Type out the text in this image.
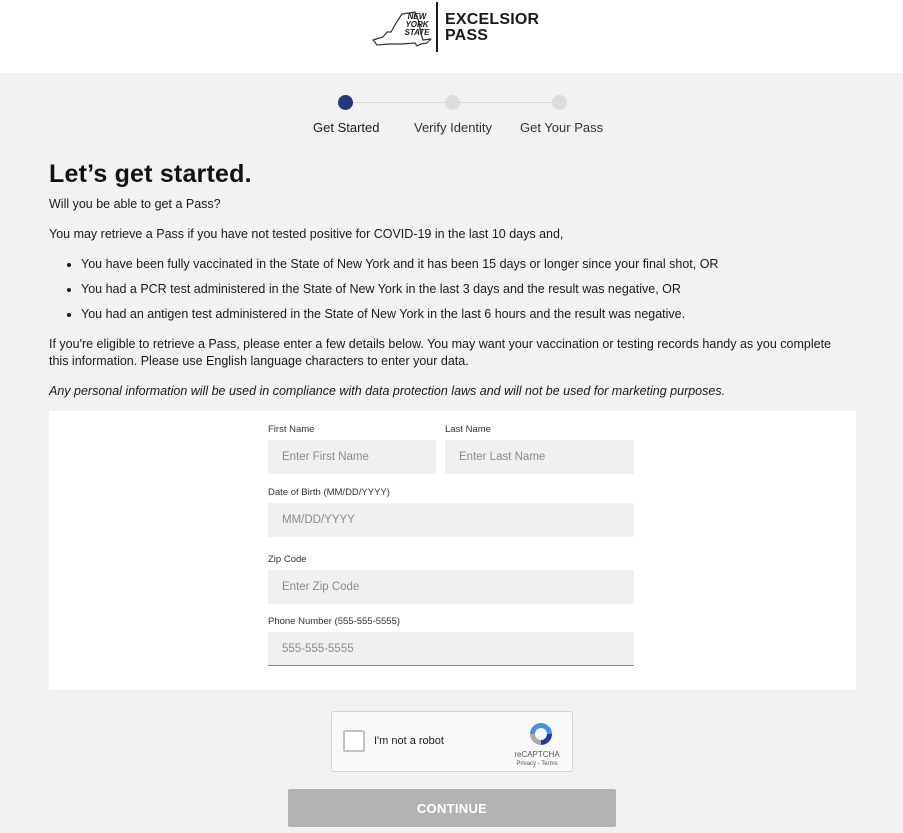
NEW
YORK
STATE
EXCELSIOR
PASS
Get Started	Verify Identity Get Your Pass
Let’s get started.
Will you be able to get a Pass?
You may retrieve a Pass if you have not tested positive for COVID-19 in the last 10 days and,
• You have been fully vaccinated in the State of New York and it has been 15 days or longer since your final shot, OR
• You had a PCR test administered in the State of New York in the last 3 days and the result was negative, OR
• You had an antigen test administered in the State of New York in the last 6 hours and the result was negative.
If you're eligible to retrieve a Pass, please enter a few details below. You may want your vaccination or testing records handy as you complete this information. Please use English language characters to enter your data.
Any personal information will be used in compliance with data protection laws and will not be used for marketing purposes.
First Name
Enter First Name	Last Name
Enter Last Name
Date of Birth (MM/DD/YYYY)
MM/DD/YYYY
Zip Code
Enter Zip Code
Phone Number (555-555-5555)
555-555-5555
I'm not a robot
reCAPTCHA
Privacy - Terms
CONTINUE
